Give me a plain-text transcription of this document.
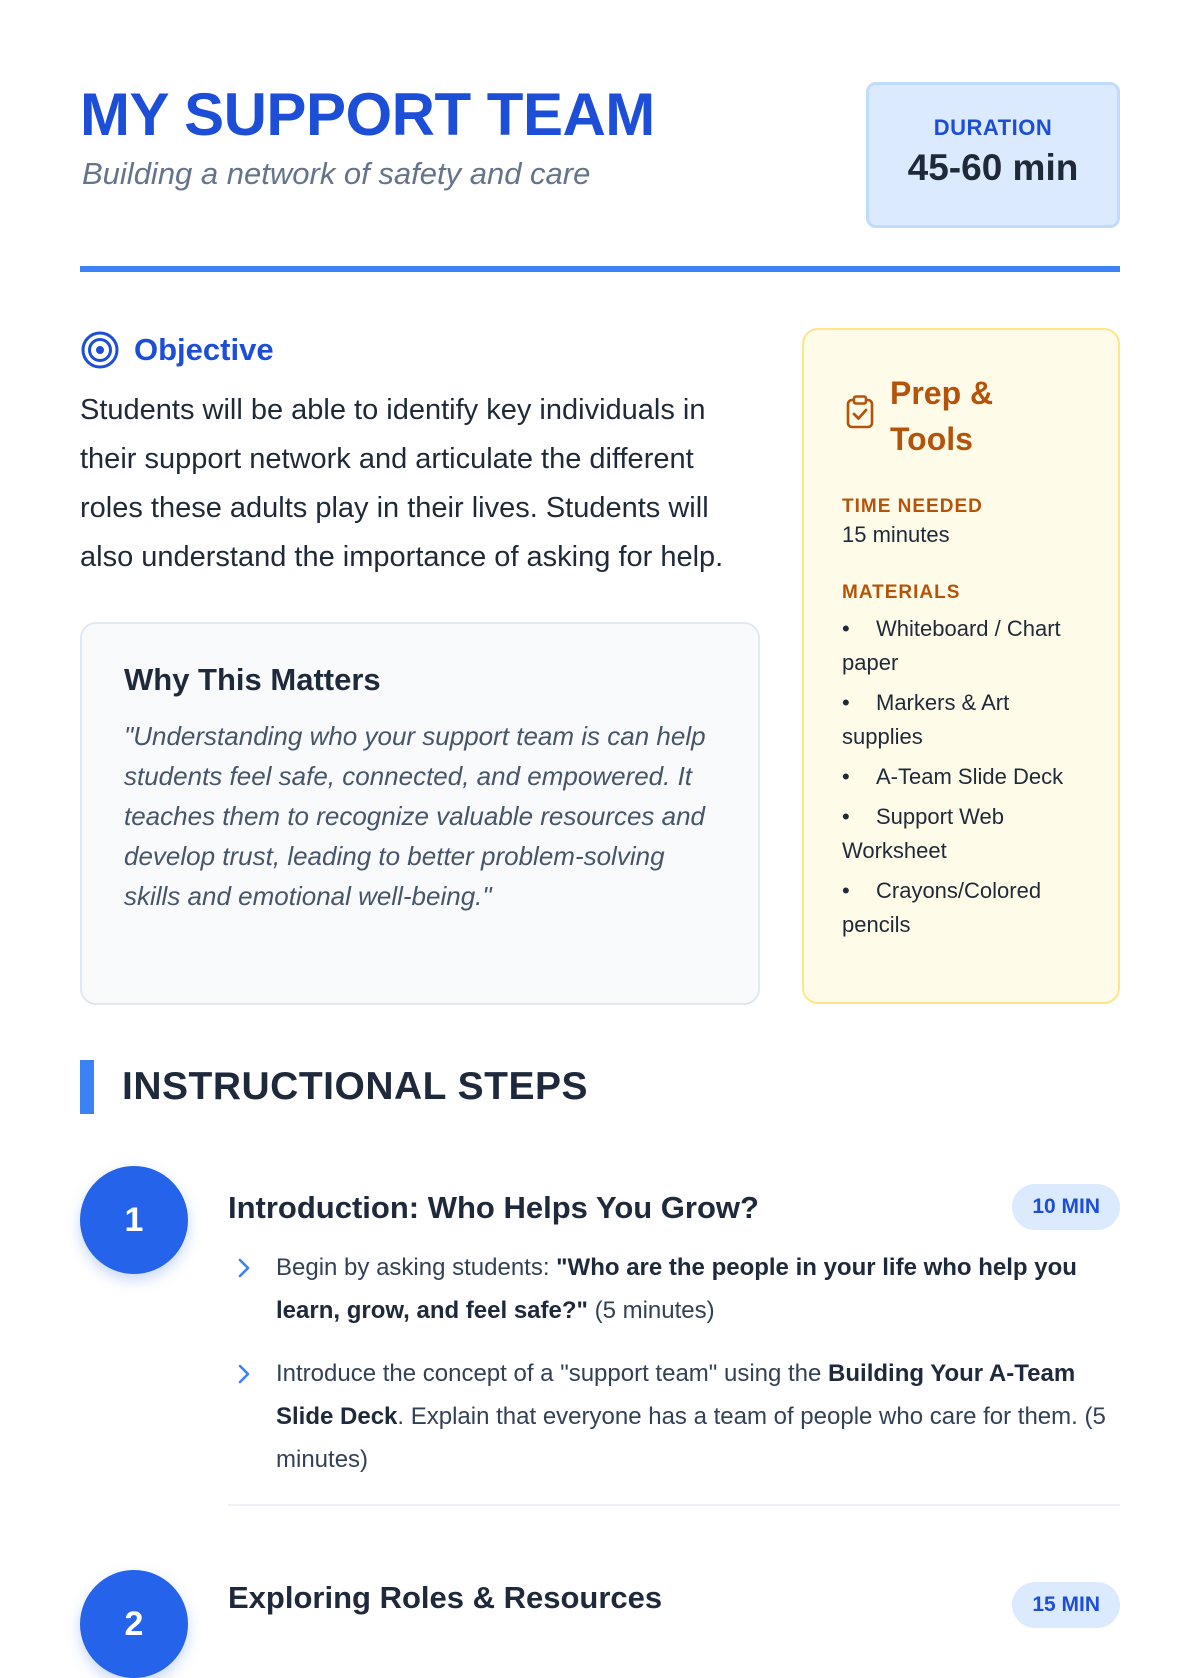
MY SUPPORT TEAM
Building a network of safety and care
DURATION
45-60 min
Objective

Students will be able to identify key individuals in their support network and articulate the different roles these adults play in their lives. Students will also understand the importance of asking for help.

Why This Matters

"Understanding who your support team is can help students feel safe, connected, and empowered. It teaches them to recognize valuable resources and develop trust, leading to better problem-solving skills and emotional well-being."

Prep & Tools
TIME NEEDED
15 minutes
MATERIALS
• Whiteboard / Chart paper
• Markers & Art supplies
• A-Team Slide Deck
• Support Web Worksheet
• Crayons/Colored pencils
INSTRUCTIONAL STEPS
1	Introduction: Who Helps You Grow?	10 MIN
Begin by asking students: "Who are the people in your life who help you learn, grow, and feel safe?" (5 minutes)
Introduce the concept of a "support team" using the Building Your A-Team Slide Deck. Explain that everyone has a team of people who care for them. (5 minutes)
2
Exploring Roles & Resources	15 MIN
